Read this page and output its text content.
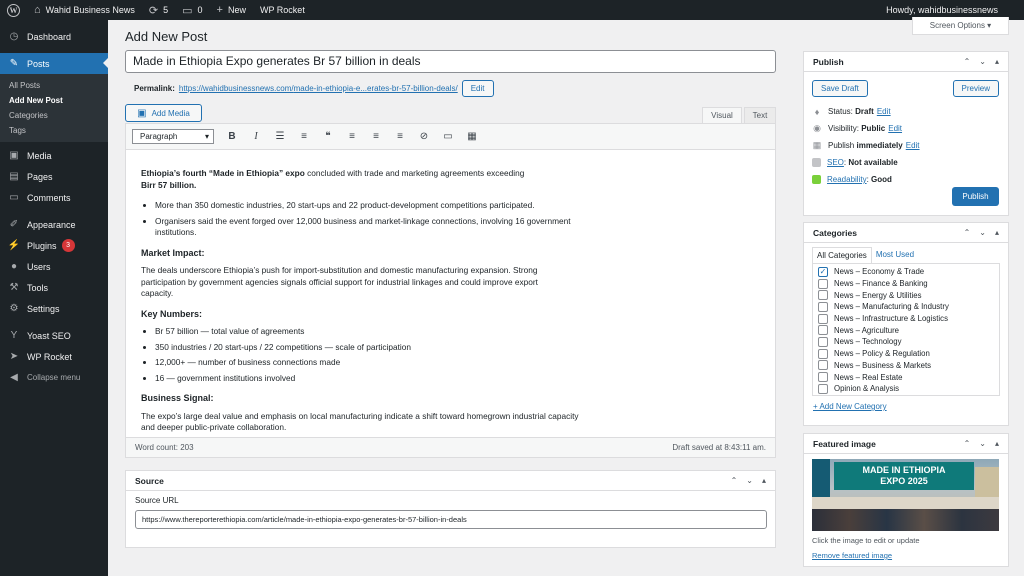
W ⌂ Wahid Business News ⟳ 5 ▭ 0 + New WP Rocket	Howdy, wahidbusinessnews
◷ Dashboard
✎ Posts
All Posts
Add New Post
Categories
Tags
▣ Media
▤ Pages
▭ Comments
✐ Appearance
⚡ Plugins	3
●	Users
⚒ Tools
⚙ Settings
Y Yoast SEO
➤ WP Rocket
◀ Collapse menu
Screen Options
▾
Add New Post
Made in Ethiopia Expo generates Br 57 billion in deals
Permalink: https://wahidbusinessnews.com/made-in-ethiopia-e...erates-br-57-billion-deals/	Edit
▣ Add Media	Visual	Text
Paragraph	▾	B	I	☰	≡	❝	≡	≡	≡	⊘	▭	▦

Ethiopia’s fourth “Made in Ethiopia” expo concluded with trade and marketing agreements exceeding
Birr 57 billion.

• More than 350 domestic industries, 20 start-ups and 22 product-development competitions participated.
• Organisers said the event forged over 12,000 business and market-linkage connections, involving 16 government institutions.
Market Impact:

The deals underscore Ethiopia’s push for import-substitution and domestic manufacturing expansion. Strong participation by government agencies signals official support for industrial linkages and could improve export capacity.

Key Numbers:
• Br 57 billion — total value of agreements
• 350 industries / 20 start-ups / 22 competitions — scale of participation
• 12,000+ — number of business connections made
• 16 — government institutions involved
Business Signal:

The expo’s large deal value and emphasis on local manufacturing indicate a shift toward homegrown industrial capacity and deeper public-private collaboration.

Word count: 203	Draft saved at 8:43:11 am.
Source	⌃ ⌄ ▴
Source URL
https://www.thereporterethiopia.com/article/made-in-ethiopia-expo-generates-br-57-billion-in-deals
Publish	⌃ ⌄ ▴
Save Draft	Preview
♦	Status:
Draft Edit
◉ Visibility:
Public Edit
▦ Publish
immediately Edit
SEO : Not available
Readability : Good
Publish
Categories	⌃ ⌄ ▴
All Categories	Most Used
✓ News – Economy & Trade
News – Finance & Banking
News – Energy & Utilities
News – Manufacturing & Industry
News – Infrastructure & Logistics
News – Agriculture
News – Technology
News – Policy & Regulation
News – Business & Markets
News – Real Estate
Opinion & Analysis
+ Add New Category
Featured image	⌃ ⌄ ▴
MADE IN ETHIOPIA
EXPO 2025
Click the image to edit or update
Remove featured image
